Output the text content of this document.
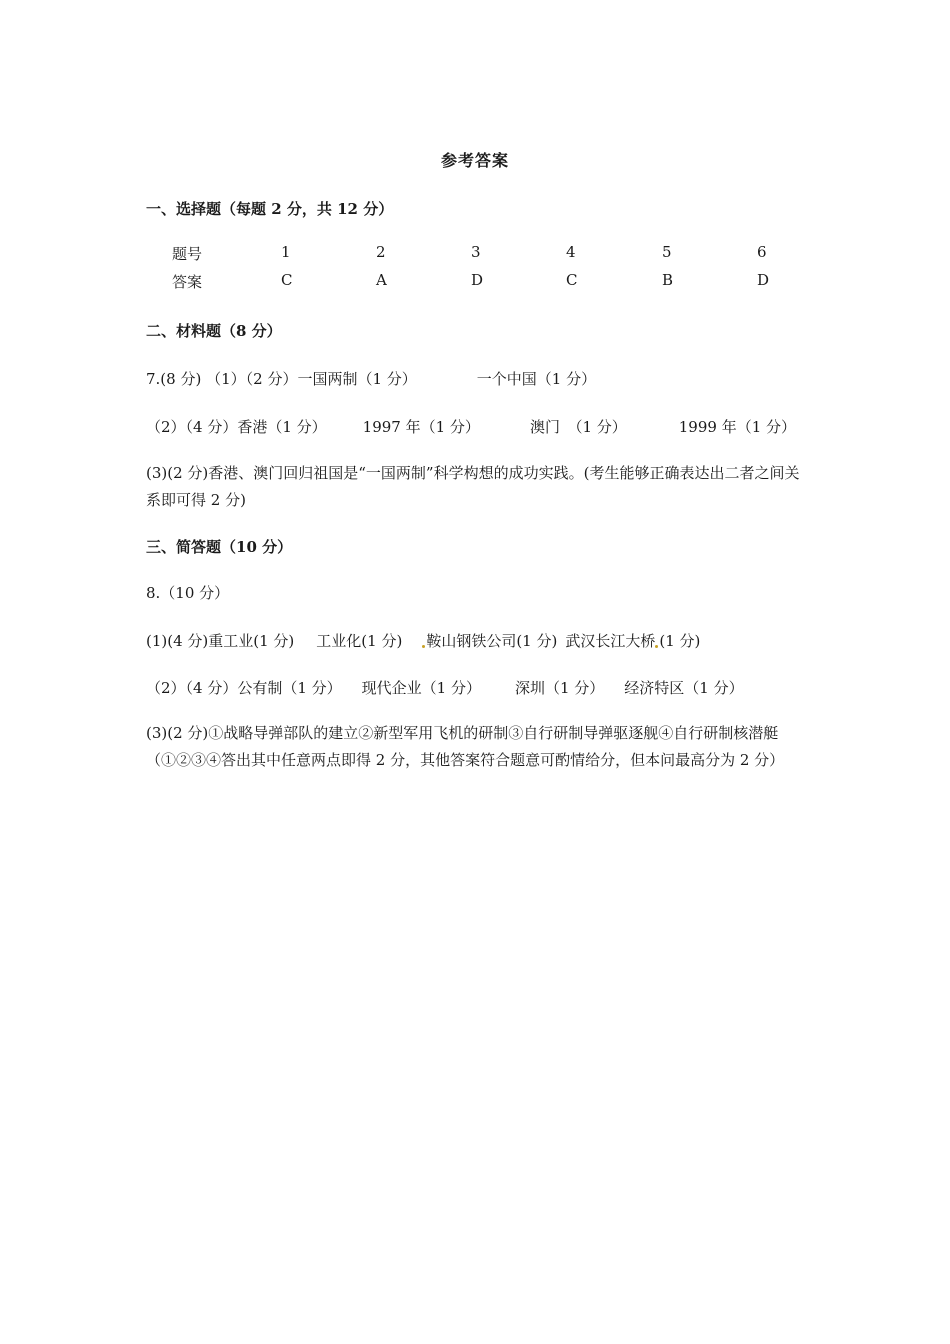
参考答案
一、选择题（每题 2 分，共 12 分）
题号	1	2	3	4	5	6
答案	C	A	D	C	B	D
二、材料题（8 分）
7.(8 分) （1）（2 分）一国两制（1 分）	一个中国（1 分）
（2）（4 分）香港（1 分） 1997 年（1 分）	澳门　（1 分）	1999 年（1 分）
(3)(2 分)香港、澳门回归祖国是“一国两制”科学构想的成功实践。(考生能够正确表达出二者之间关系即可得 2 分)
三、简答题（10 分）
8.（10 分）
(1)(4 分)重工业(1 分) 工业化(1 分) 鞍山钢铁公司(1 分) 武汉长江大桥 (1 分)
（2）（4 分）公有制（1 分） 现代企业（1 分） 深圳（1 分） 经济特区（1 分）
(3)(2 分)①战略导弹部队的建立②新型军用飞机的研制③自行研制导弹驱逐舰④自行研制核潜艇（①②③④答出其中任意两点即得 2 分，其他答案符合题意可酌情给分，但本问最高分为 2 分）
